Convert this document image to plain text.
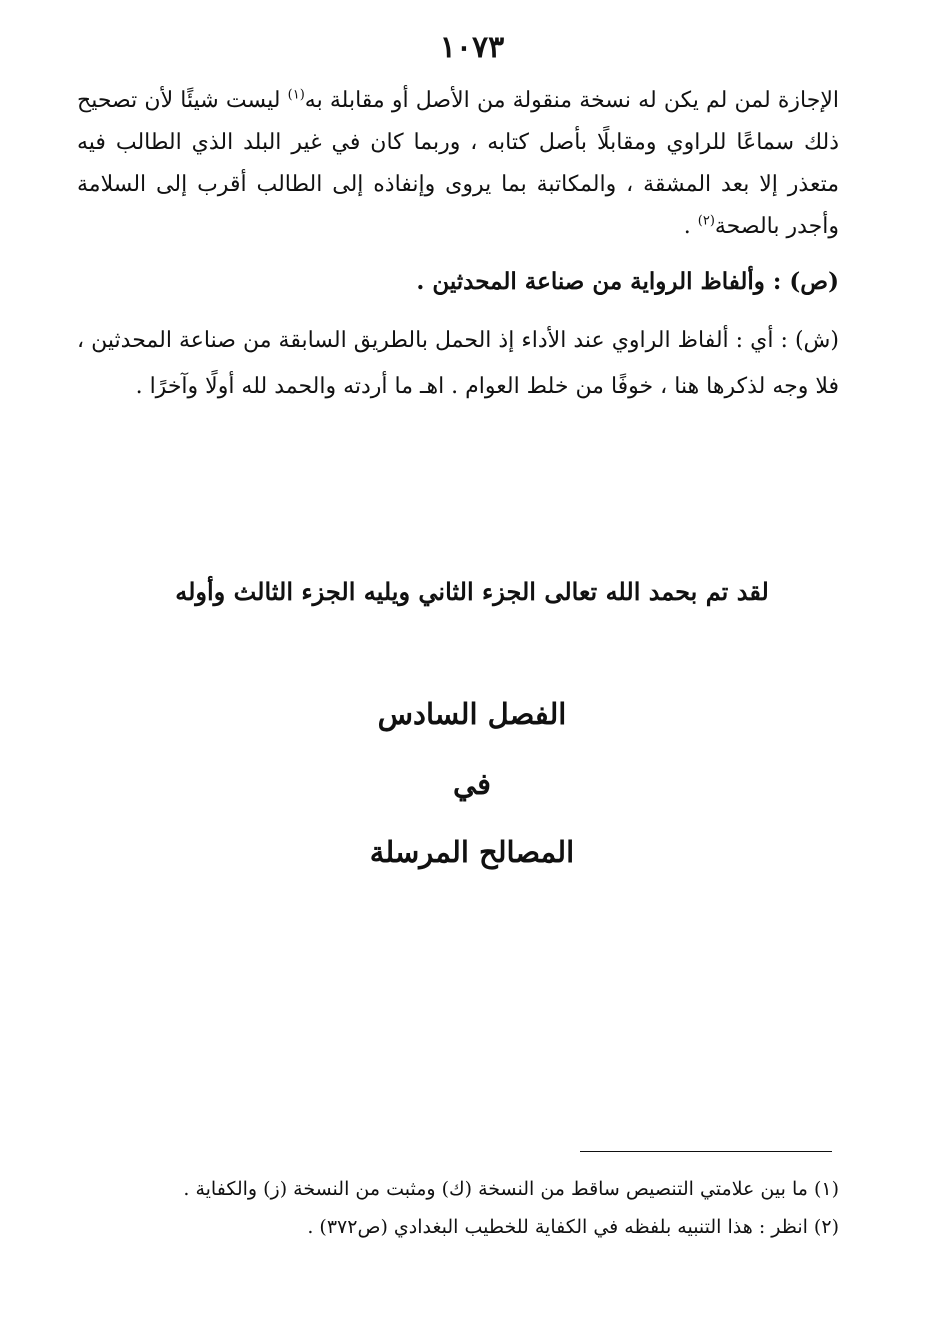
١٠٧٣
الإجازة لمن لم يكن له نسخة منقولة من الأصل أو مقابلة به$^{(١)}$ ليست شيئًا لأن تصحيح ذلك سماعًا للراوي ومقابلًا بأصل كتابه ، وربما كان في غير البلد الذي الطالب فيه متعذر إلا بعد المشقة ، والمكاتبة بما يروى وإنفاذه إلى الطالب أقرب إلى السلامة وأجدر بالصحة$^{(٢)}$ .
(ص) : وألفاظ الرواية من صناعة المحدثين .
(ش) : أي : ألفاظ الراوي عند الأداء إذ الحمل بالطريق السابقة من صناعة المحدثين ، فلا وجه لذكرها هنا ، خوفًا من خلط العوام . اهـ ما أردته والحمد لله أولًا وآخرًا .
لقد تم بحمد الله تعالى الجزء الثاني ويليه الجزء الثالث وأوله
الفصل السادس
في
المصالح المرسلة
(١) ما بين علامتي التنصيص ساقط من النسخة (ك) ومثبت من النسخة (ز) والكفاية .
(٢) انظر : هذا التنبيه بلفظه في الكفاية للخطيب البغدادي (ص٣٧٢) .
